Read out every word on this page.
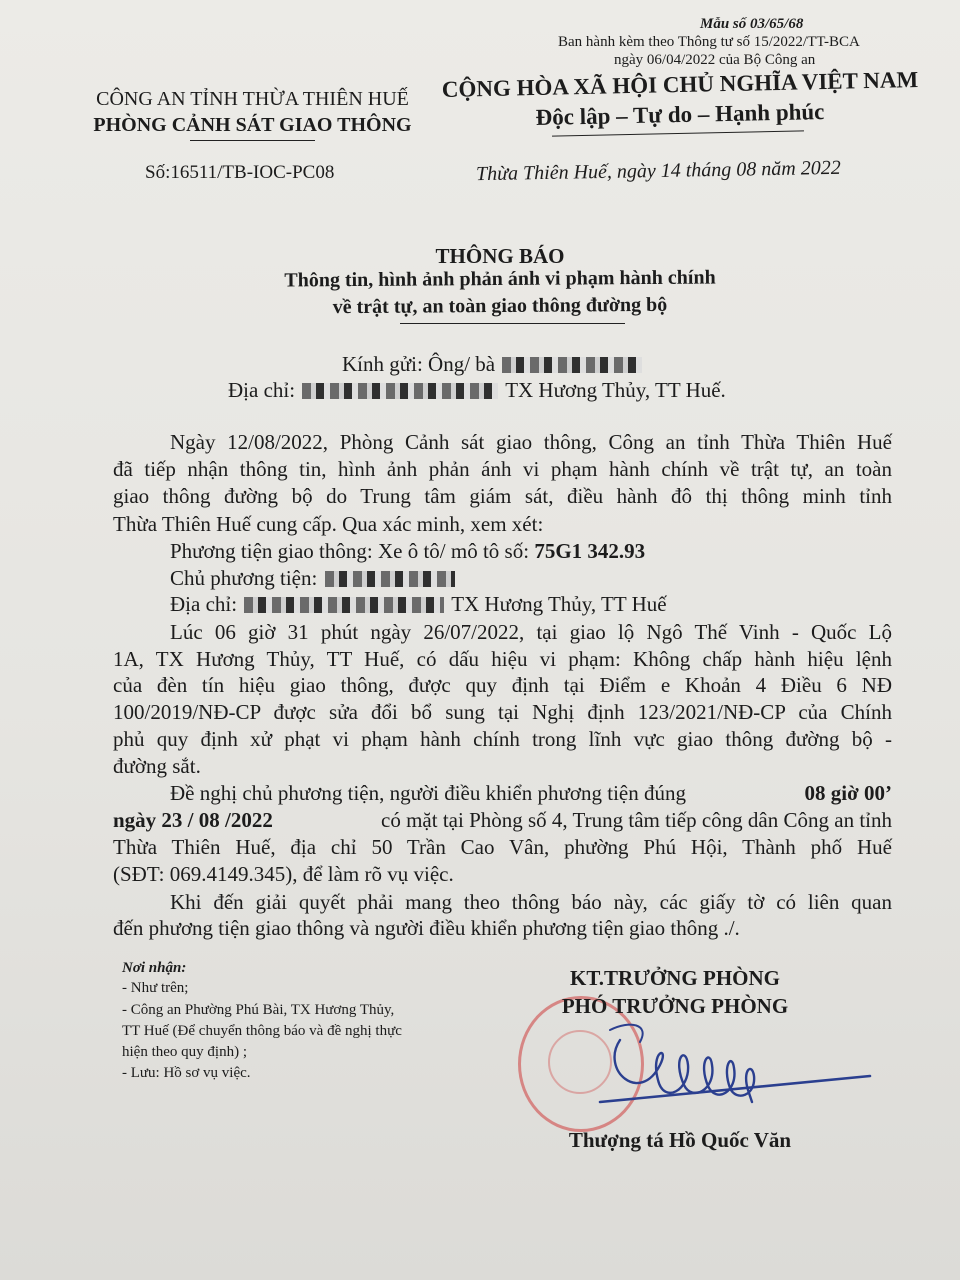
Mẫu số 03/65/68
Ban hành kèm theo Thông tư số 15/2022/TT-BCA
ngày 06/04/2022 của Bộ Công an
CÔNG AN TỈNH THỪA THIÊN HUẾ
PHÒNG CẢNH SÁT GIAO THÔNG
CỘNG HÒA XÃ HỘI CHỦ NGHĨA VIỆT NAM
Độc lập – Tự do – Hạnh phúc
Số:16511/TB-IOC-PC08	Thừa Thiên Huế, ngày 14 tháng 08 năm 2022
THÔNG BÁO
Thông tin, hình ảnh phản ánh vi phạm hành chính
về trật tự, an toàn giao thông đường bộ
Kính gửi: Ông/ bà
Địa chỉ:	TX Hương Thủy, TT Huế.
Ngày 12/08/2022, Phòng Cảnh sát giao thông, Công an tỉnh Thừa Thiên Huế
đã tiếp nhận thông tin, hình ảnh phản ánh vi phạm hành chính về trật tự, an toàn
giao thông đường bộ do Trung tâm giám sát, điều hành đô thị thông minh tỉnh
Thừa Thiên Huế cung cấp. Qua xác minh, xem xét:
Phương tiện giao thông: Xe ô tô/ mô tô số: 75G1 342.93
Chủ phương tiện:
Địa chỉ:	TX Hương Thủy, TT Huế
Lúc 06 giờ 31 phút ngày 26/07/2022, tại giao lộ Ngô Thế Vinh - Quốc Lộ
1A, TX Hương Thủy, TT Huế, có dấu hiệu vi phạm: Không chấp hành hiệu lệnh
của đèn tín hiệu giao thông, được quy định tại Điểm e Khoản 4 Điều 6 NĐ
100/2019/NĐ-CP được sửa đổi bổ sung tại Nghị định 123/2021/NĐ-CP của Chính
phủ quy định xử phạt vi phạm hành chính trong lĩnh vực giao thông đường bộ -
đường sắt.
Đề nghị chủ phương tiện, người điều khiển phương tiện đúng	08 giờ 00’
ngày 23 / 08 /2022	có mặt tại Phòng số 4, Trung tâm tiếp công dân Công an tỉnh
Thừa Thiên Huế, địa chỉ 50 Trần Cao Vân, phường Phú Hội, Thành phố Huế
(SĐT: 069.4149.345), để làm rõ vụ việc.
Khi đến giải quyết phải mang theo thông báo này, các giấy tờ có liên quan
đến phương tiện giao thông và người điều khiển phương tiện giao thông ./.
Nơi nhận:
- Như trên;
- Công an Phường Phú Bài, TX Hương Thủy,
TT Huế (Để chuyển thông báo và đề nghị thực
hiện theo quy định) ;
- Lưu: Hồ sơ vụ việc.
KT.TRƯỞNG PHÒNG
PHÓ TRƯỞNG PHÒNG
Thượng tá Hồ Quốc Văn
